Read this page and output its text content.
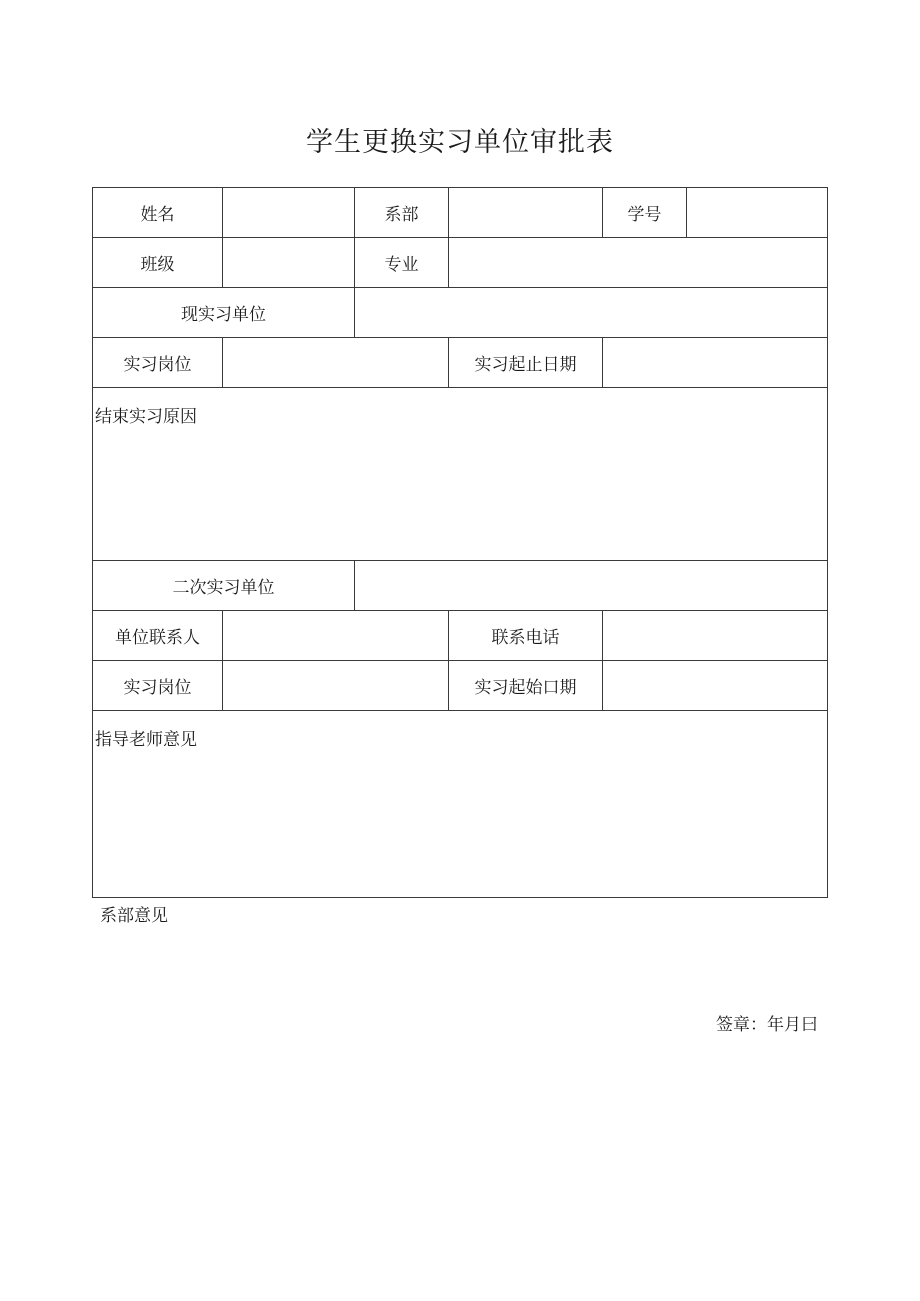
学生更换实习单位审批表
姓名		系部		学号	
班级		专业			
现实习单位					
实习岗位			实习起止日期		
结束实习原因					
二次实习单位					
单位联系人			联系电话		
实习岗位			实习起始口期		
指导老师意见					
系部意见
签章：年月曰
